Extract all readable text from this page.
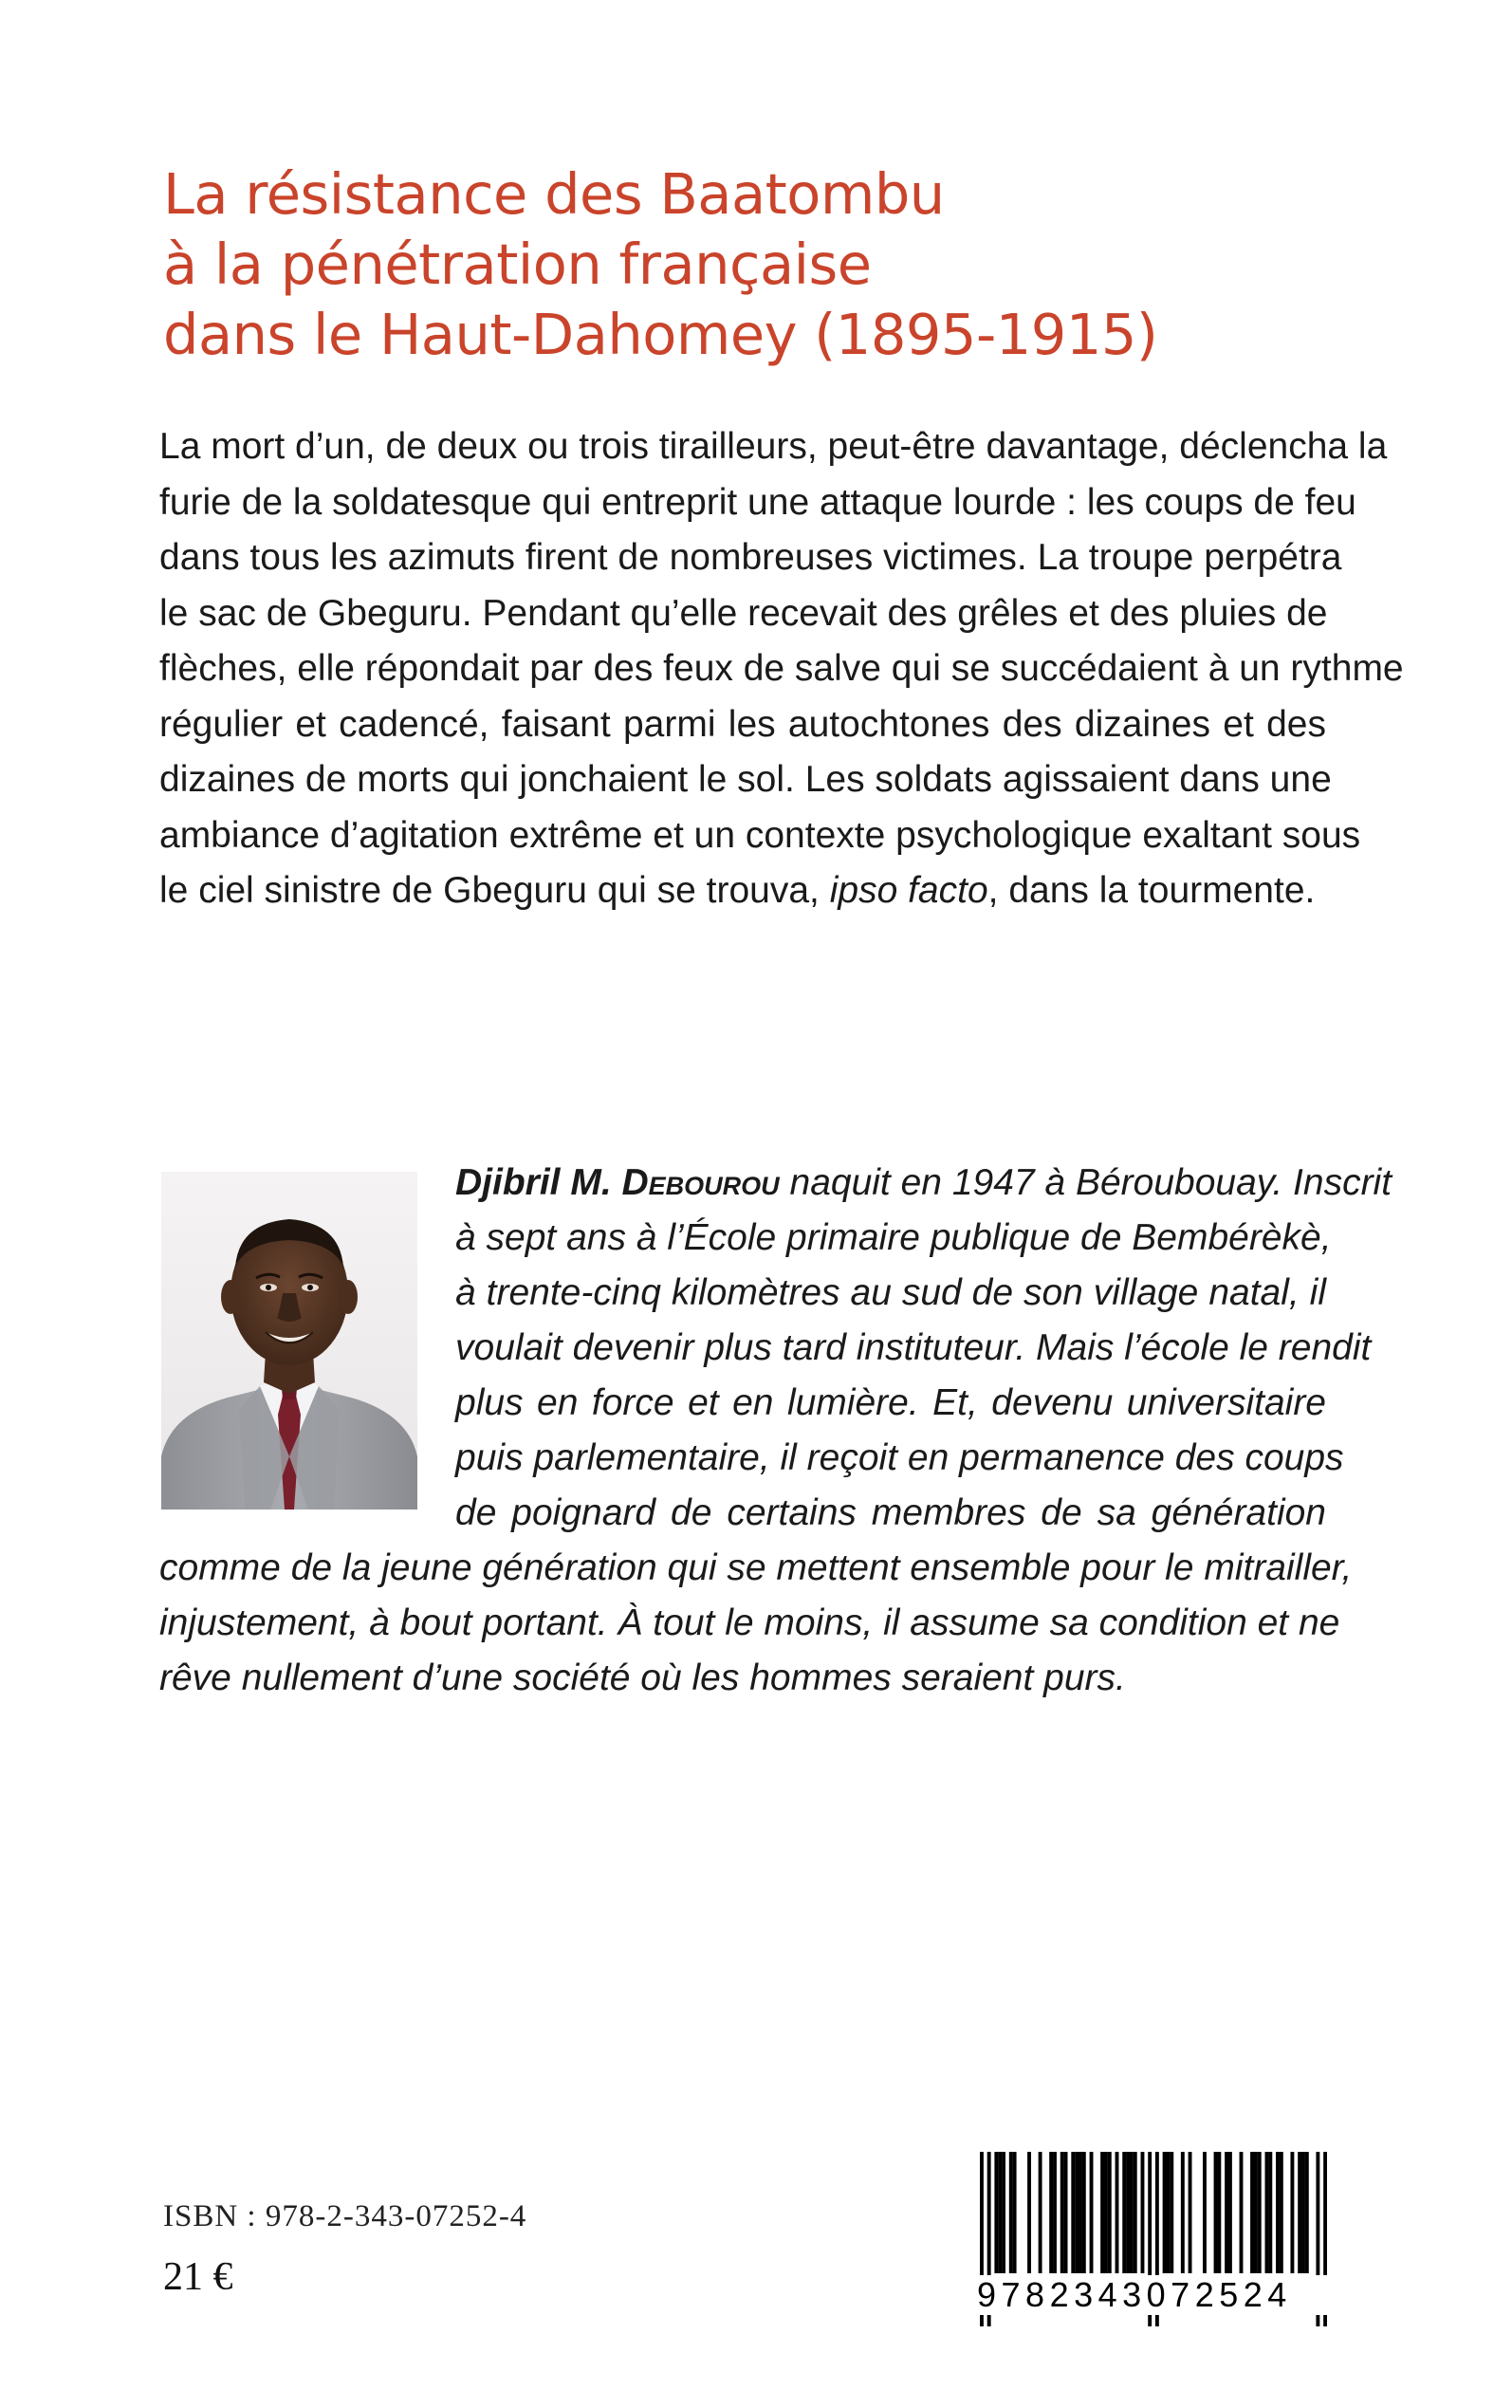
La résistance des Baatombu
à la pénétration française
dans le Haut-Dahomey (1895-1915)
La mort d’un, de deux ou trois tirailleurs, peut-être davantage, déclencha la
furie de la soldatesque qui entreprit une attaque lourde : les coups de feu
dans tous les azimuts firent de nombreuses victimes. La troupe perpétra
le sac de Gbeguru. Pendant qu’elle recevait des grêles et des pluies de
flèches, elle répondait par des feux de salve qui se succédaient à un rythme
régulier et cadencé, faisant parmi les autochtones des dizaines et des
dizaines de morts qui jonchaient le sol. Les soldats agissaient dans une
ambiance d’agitation extrême et un contexte psychologique exaltant sous
le ciel sinistre de Gbeguru qui se trouva, ipso facto, dans la tourmente.
Djibril M. Debourou naquit en 1947 à Béroubouay. Inscrit
à sept ans à l’École primaire publique de Bembérèkè,
à trente-cinq kilomètres au sud de son village natal, il
voulait devenir plus tard instituteur. Mais l’école le rendit
plus en force et en lumière. Et, devenu universitaire
puis parlementaire, il reçoit en permanence des coups
de poignard de certains membres de sa génération
comme de la jeune génération qui se mettent ensemble pour le mitrailler,
injustement, à bout portant. À tout le moins, il assume sa condition et ne
rêve nullement d’une société où les hommes seraient purs.
ISBN : 978-2-343-07252-4
21 €	9782343072524
